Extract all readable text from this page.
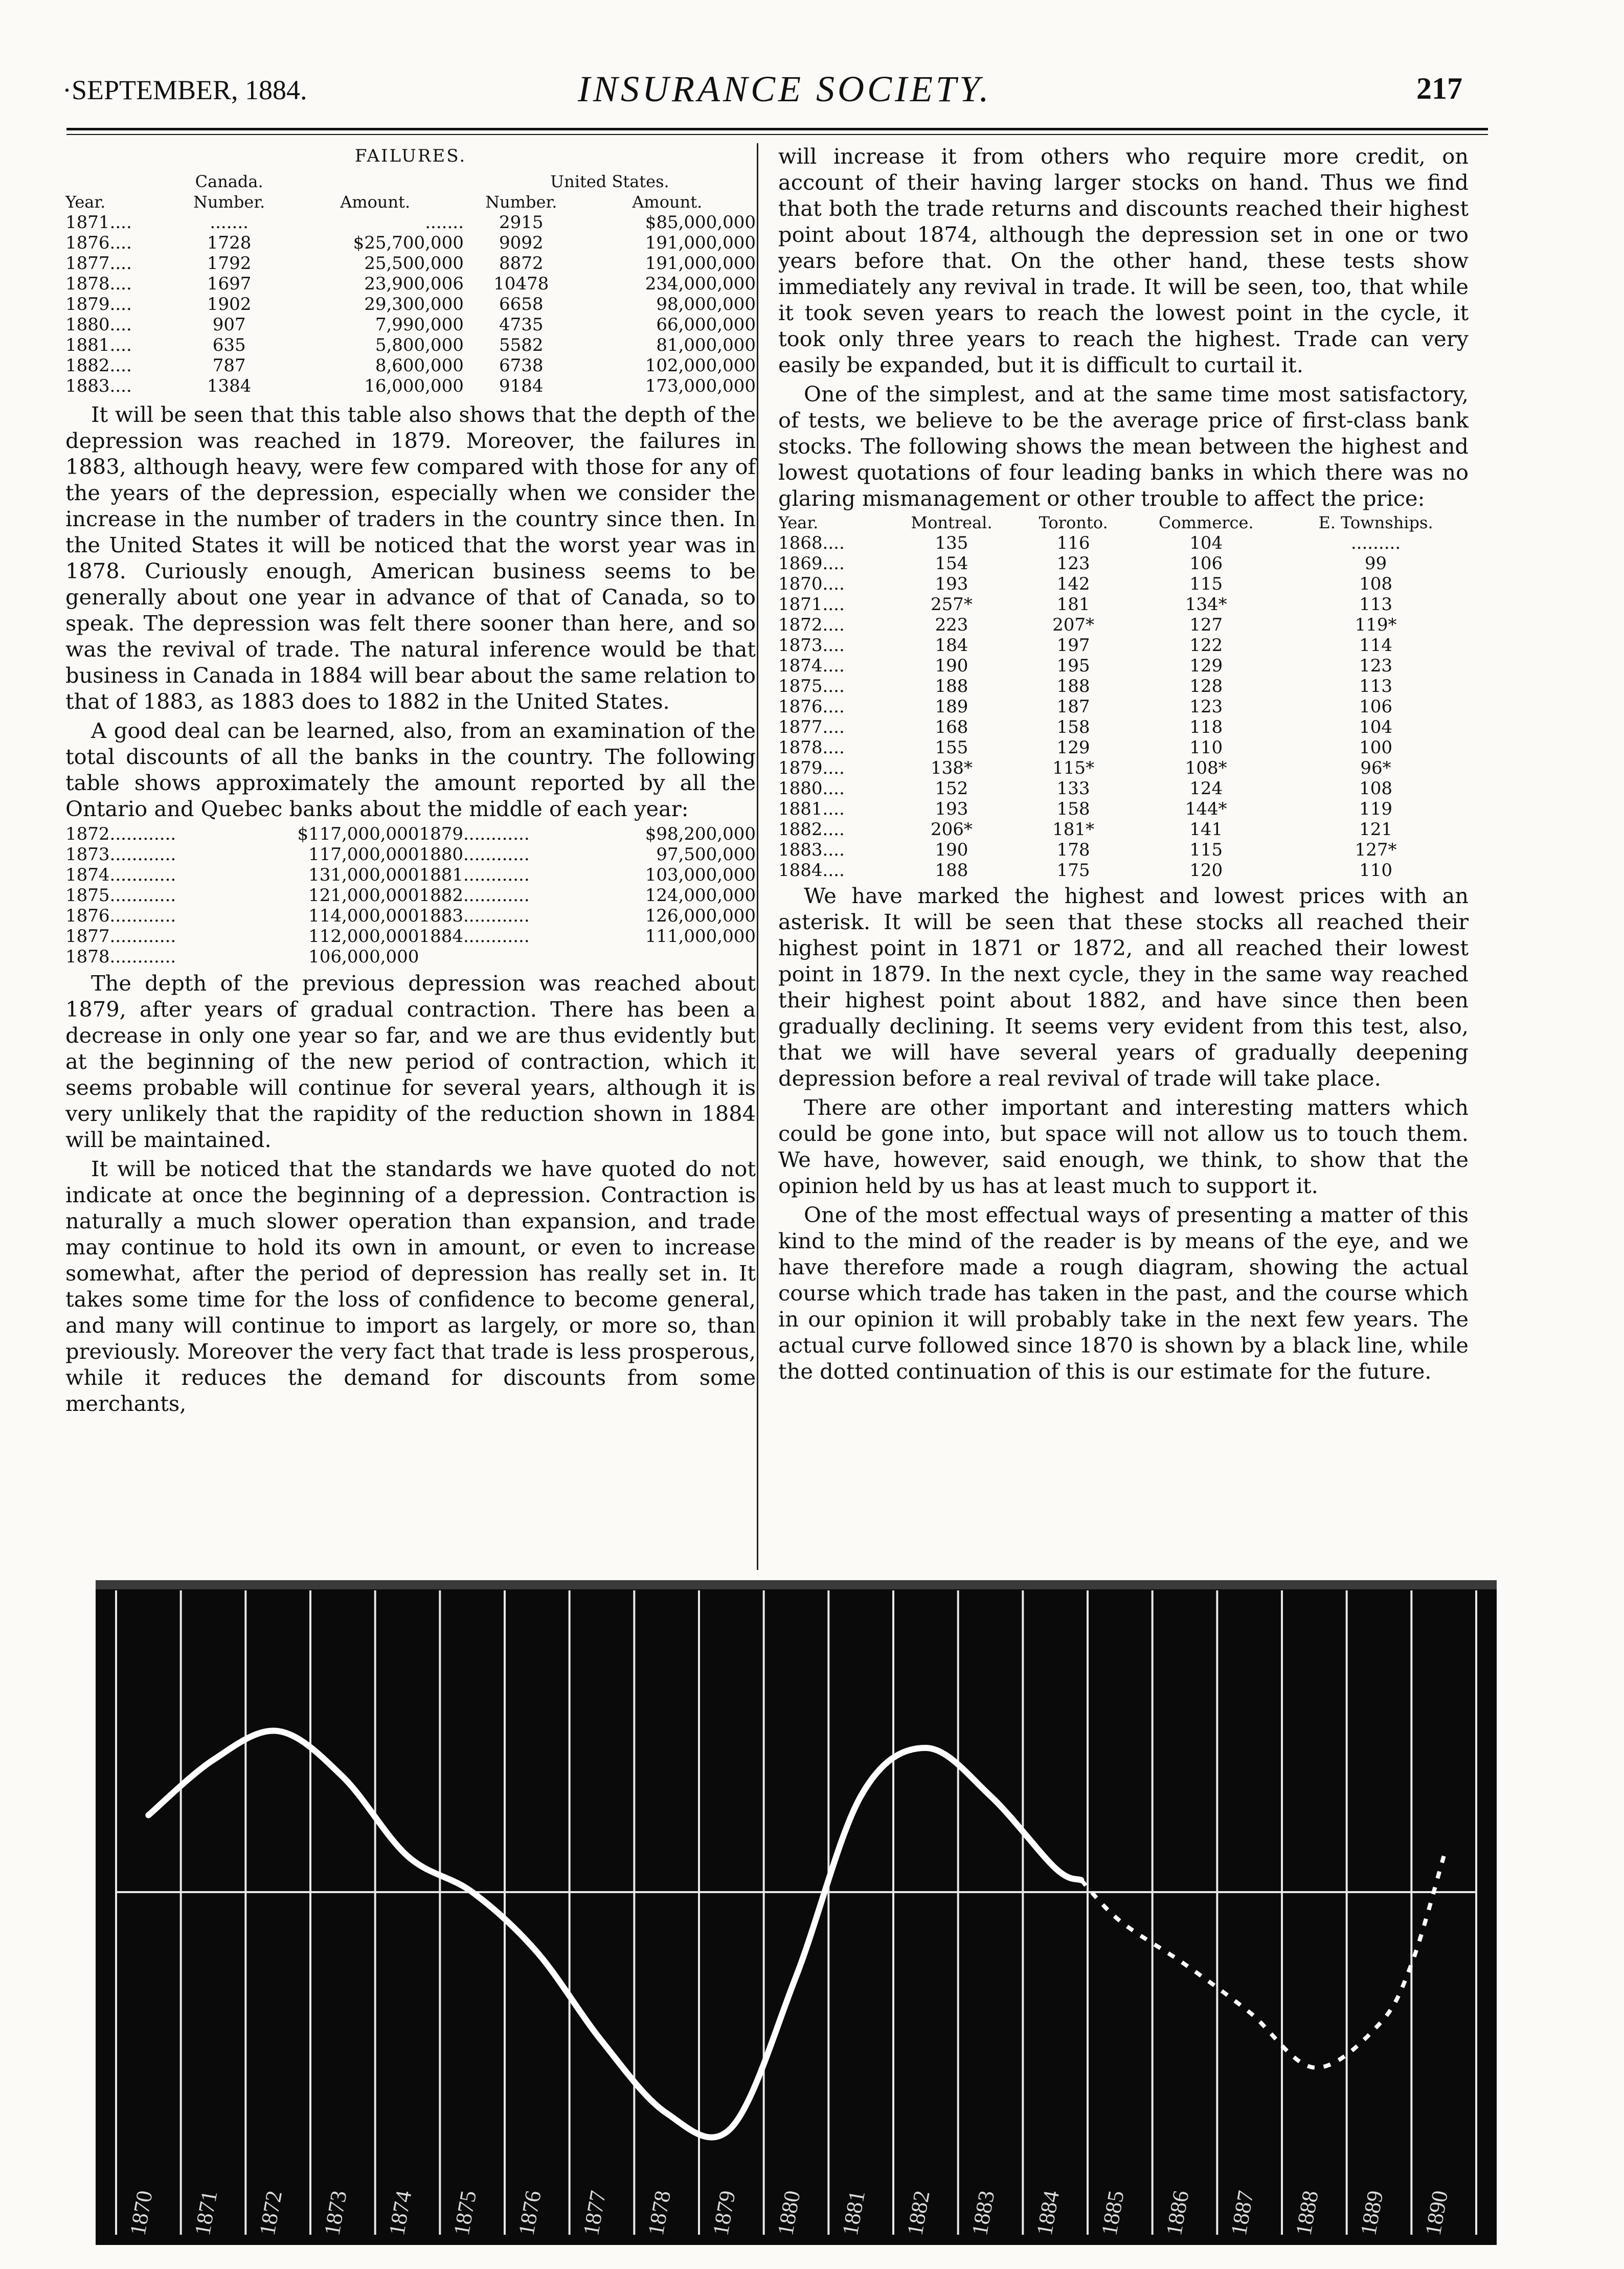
·SEPTEMBER, 1884.	INSURANCE SOCIETY.	217
FAILURES.
	Canada.		United States.	
Year.	Number.	Amount.	Number.	Amount.
1871....	.......	.......	2915	$85,000,000
1876....	1728	$25,700,000	9092	191,000,000
1877....	1792	25,500,000	8872	191,000,000
1878....	1697	23,900,006	10478	234,000,000
1879....	1902	29,300,000	6658	98,000,000
1880....	907	7,990,000	4735	66,000,000
1881....	635	5,800,000	5582	81,000,000
1882....	787	8,600,000	6738	102,000,000
1883....	1384	16,000,000	9184	173,000,000

It will be seen that this table also shows that the depth of the depression was reached in 1879. Moreover, the failures in 1883, although heavy, were few compared with those for any of the years of the depression, especially when we consider the increase in the number of traders in the country since then. In the United States it will be noticed that the worst year was in 1878. Curiously enough, American business seems to be generally about one year in advance of that of Canada, so to speak. The depression was felt there sooner than here, and so was the revival of trade. The natural inference would be that business in Canada in 1884 will bear about the same relation to that of 1883, as 1883 does to 1882 in the United States.

A good deal can be learned, also, from an examination of the total discounts of all the banks in the country. The following table shows approximately the amount reported by all the Ontario and Quebec banks about the middle of each year:

1872............	$117,000,000	1879............	$98,200,000
1873............	117,000,000	1880............	97,500,000
1874............	131,000,000	1881............	103,000,000
1875............	121,000,000	1882............	124,000,000
1876............	114,000,000	1883............	126,000,000
1877............	112,000,000	1884............	111,000,000
1878............	106,000,000		

The depth of the previous depression was reached about 1879, after years of gradual contraction. There has been a decrease in only one year so far, and we are thus evidently but at the beginning of the new period of contraction, which it seems probable will continue for several years, although it is very unlikely that the rapidity of the reduction shown in 1884 will be maintained.

It will be noticed that the standards we have quoted do not indicate at once the beginning of a depression. Contraction is naturally a much slower operation than expansion, and trade may continue to hold its own in amount, or even to increase somewhat, after the period of depression has really set in. It takes some time for the loss of confidence to become general, and many will continue to import as largely, or more so, than previously. Moreover the very fact that trade is less prosperous, while it reduces the demand for discounts from some merchants,

will increase it from others who require more credit, on account of their having larger stocks on hand. Thus we find that both the trade returns and discounts reached their highest point about 1874, although the depression set in one or two years before that. On the other hand, these tests show immediately any revival in trade. It will be seen, too, that while it took seven years to reach the lowest point in the cycle, it took only three years to reach the highest. Trade can very easily be expanded, but it is difficult to curtail it.

One of the simplest, and at the same time most satisfactory, of tests, we believe to be the average price of first-class bank stocks. The following shows the mean between the highest and lowest quotations of four leading banks in which there was no glaring mismanagement or other trouble to affect the price:

Year.	Montreal.	Toronto.	Commerce.	E. Townships.
1868....	135	116	104	.........
1869....	154	123	106	99
1870....	193	142	115	108
1871....	257*	181	134*	113
1872....	223	207*	127	119*
1873....	184	197	122	114
1874....	190	195	129	123
1875....	188	188	128	113
1876....	189	187	123	106
1877....	168	158	118	104
1878....	155	129	110	100
1879....	138*	115*	108*	96*
1880....	152	133	124	108
1881....	193	158	144*	119
1882....	206*	181*	141	121
1883....	190	178	115	127*
1884....	188	175	120	110

We have marked the highest and lowest prices with an asterisk. It will be seen that these stocks all reached their highest point in 1871 or 1872, and all reached their lowest point in 1879. In the next cycle, they in the same way reached their highest point about 1882, and have since then been gradually declining. It seems very evident from this test, also, that we will have several years of gradually deepening depression before a real revival of trade will take place.

There are other important and interesting matters which could be gone into, but space will not allow us to touch them. We have, however, said enough, we think, to show that the opinion held by us has at least much to support it.

One of the most effectual ways of presenting a matter of this kind to the mind of the reader is by means of the eye, and we have therefore made a rough diagram, showing the actual course which trade has taken in the past, and the course which in our opinion it will probably take in the next few years. The actual curve followed since 1870 is shown by a black line, while the dotted continuation of this is our estimate for the future.

1870 1871 1872 1873 1874 1875 1876 1877 1878 1879 1880 1881 1882 1883 1884 1885 1886 1887 1888 1889 1890
